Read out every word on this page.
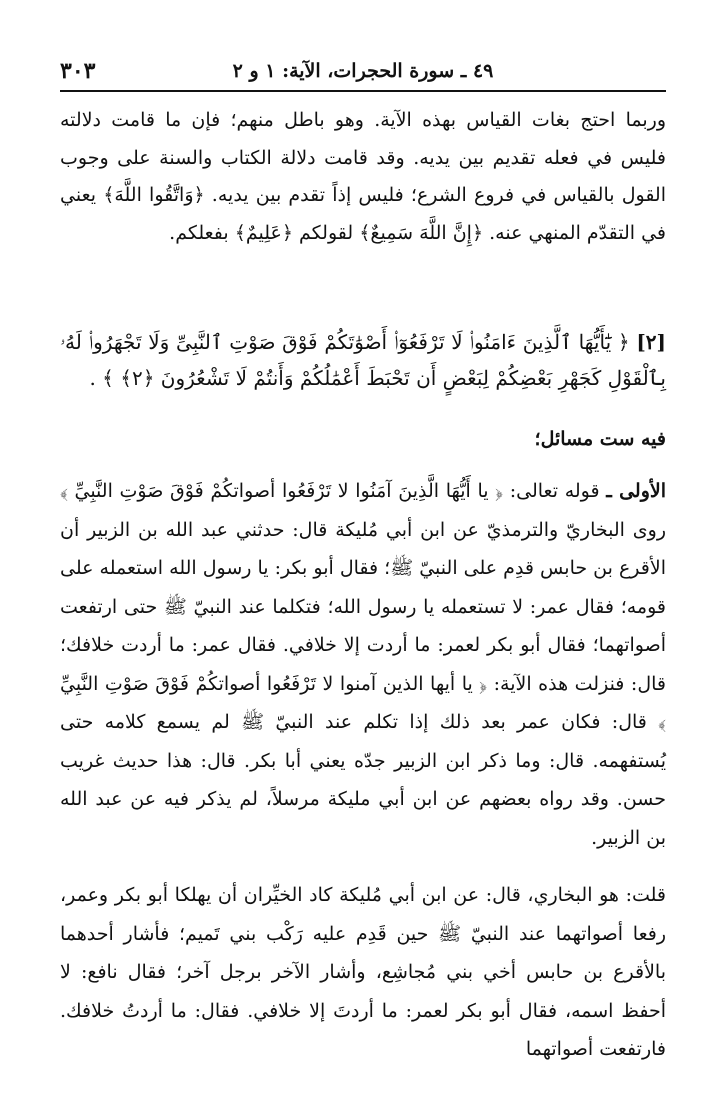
٣٠٣	٤٩ ـ سورة الحجرات، الآية: ١ و ٢

وربما احتج بغات القياس بهذه الآية. وهو باطل منهم؛ فإن ما قامت دلالته فليس في فعله تقديم بين يديه. وقد قامت دلالة الكتاب والسنة على وجوب القول بالقياس في فروع الشرع؛ فليس إذاً تقدم بين يديه. ﴿وَاتَّقُوا اللَّهَ﴾ يعني في التقدّم المنهي عنه. ﴿إِنَّ اللَّهَ سَمِيعٌ﴾ لقولكم ﴿عَلِيمٌ﴾ بفعلكم.

[٢] ﴿ يَٰٓأَيُّهَا ٱلَّذِينَ ءَامَنُوا۟ لَا تَرْفَعُوٓا۟ أَصْوَٰتَكُمْ فَوْقَ صَوْتِ ٱلنَّبِىِّ وَلَا تَجْهَرُوا۟ لَهُۥ بِٱلْقَوْلِ كَجَهْرِ بَعْضِكُمْ لِبَعْضٍ أَن تَحْبَطَ أَعْمَٰلُكُمْ وَأَنتُمْ لَا تَشْعُرُونَ ﴿٢﴾ ﴾ .
فيه ست مسائل؛

الأولى ـ قوله تعالى: ﴿ يا أَيُّهَا الَّذِينَ آمَنُوا لا تَرْفَعُوا أصواتكُمْ فَوْقَ صَوْتِ النَّبِيِّ ﴾ روى البخاريّ والترمذيّ عن ابن أبي مُليكة قال: حدثني عبد الله بن الزبير أن الأقرع بن حابس قدِم على النبيّ ﷺ؛ فقال أبو بكر: يا رسول الله استعمله على قومه؛ فقال عمر: لا تستعمله يا رسول الله؛ فتكلما عند النبيّ ﷺ حتى ارتفعت أصواتهما؛ فقال أبو بكر لعمر: ما أردت إلا خلافي. فقال عمر: ما أردت خلافك؛ قال: فنزلت هذه الآية: ﴿ يا أيها الذين آمنوا لا تَرْفَعُوا أصواتكُمْ فَوْقَ صَوْتِ النَّبِيِّ ﴾ قال: فكان عمر بعد ذلك إذا تكلم عند النبيّ ﷺ لم يسمع كلامه حتى يُستفهمه. قال: وما ذكر ابن الزبير جدّه يعني أبا بكر. قال: هذا حديث غريب حسن. وقد رواه بعضهم عن ابن أبي مليكة مرسلاً، لم يذكر فيه عن عبد الله بن الزبير.

قلت: هو البخاري، قال: عن ابن أبي مُليكة كاد الخيِّران أن يهلكا أبو بكر وعمر، رفعا أصواتهما عند النبيّ ﷺ حين قَدِم عليه رَكْب بني تَميم؛ فأشار أحدهما بالأقرع بن حابس أخي بني مُجاشِع، وأشار الآخر برجل آخر؛ فقال نافع: لا أحفظ اسمه، فقال أبو بكر لعمر: ما أردتَ إلا خلافي. فقال: ما أردتُ خلافك. فارتفعت أصواتهما
